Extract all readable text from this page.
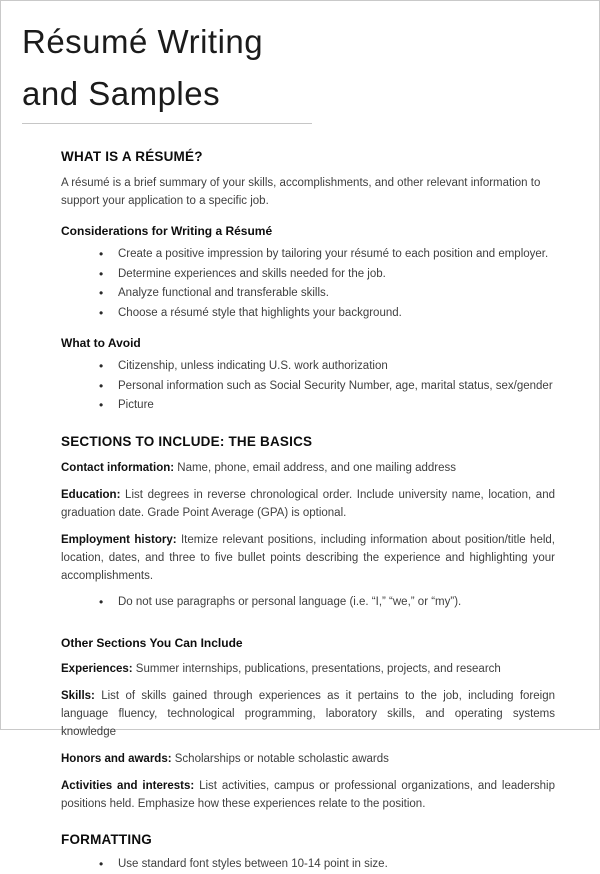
Résumé Writing
and Samples
WHAT IS A RÉSUMÉ?

A résumé is a brief summary of your skills, accomplishments, and other relevant information to support your application to a specific job.

Considerations for Writing a Résumé
• Create a positive impression by tailoring your résumé to each position and employer.
• Determine experiences and skills needed for the job.
• Analyze functional and transferable skills.
• Choose a résumé style that highlights your background.
What to Avoid
• Citizenship, unless indicating U.S. work authorization
• Personal information such as Social Security Number, age, marital status, sex/gender
• Picture
SECTIONS TO INCLUDE: THE BASICS

Contact information: Name, phone, email address, and one mailing address

Education: List degrees in reverse chronological order. Include university name, location, and graduation date. Grade Point Average (GPA) is optional.

Employment history: Itemize relevant positions, including information about position/title held, location, dates, and three to five bullet points describing the experience and highlighting your accomplishments.

• Do not use paragraphs or personal language (i.e. “I,” “we,” or “my”).
Other Sections You Can Include

Experiences: Summer internships, publications, presentations, projects, and research

Skills: List of skills gained through experiences as it pertains to the job, including foreign language fluency, technological programming, laboratory skills, and operating systems knowledge

Honors and awards: Scholarships or notable scholastic awards

Activities and interests: List activities, campus or professional organizations, and leadership positions held. Emphasize how these experiences relate to the position.

FORMATTING
• Use standard font styles between 10-14 point in size.
